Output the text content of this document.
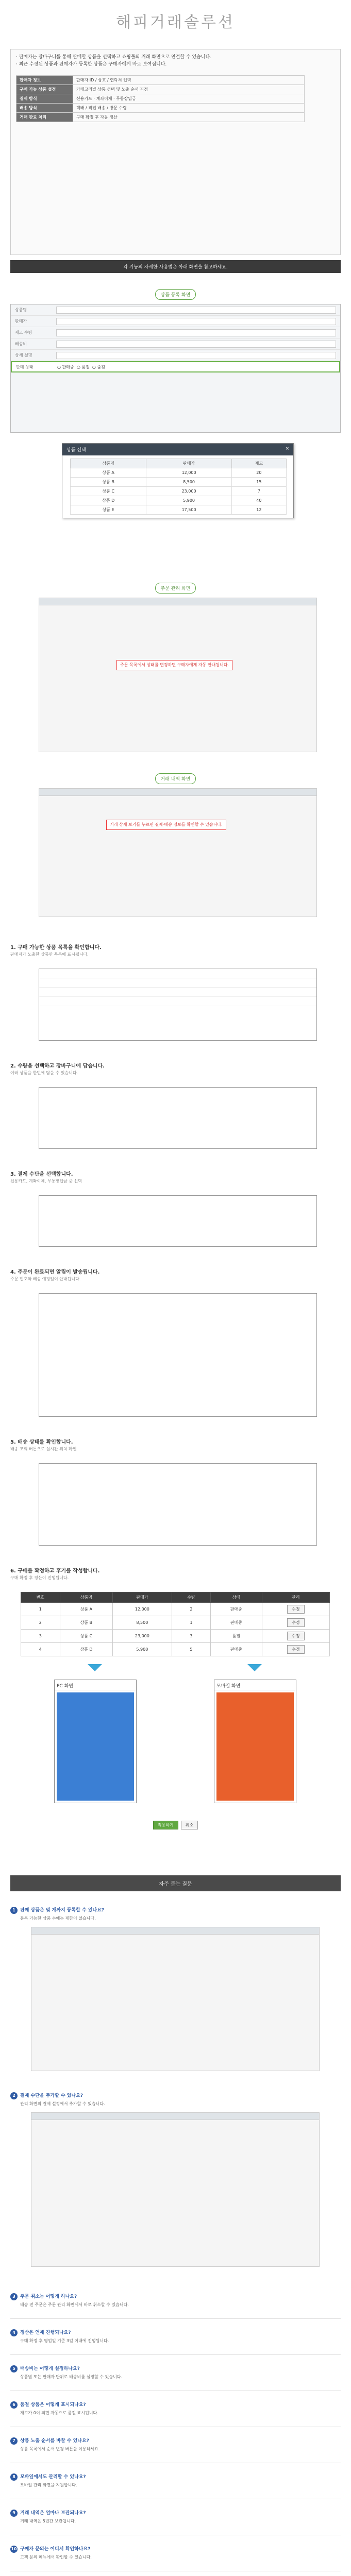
해피거래솔루션
· 판매자는 장바구니를 통해 판매할 상품을 선택하고 쇼핑몰의 거래 화면으로 연결할 수 있습니다.
· 최근 수정된 상품과 판매자가 등록한 상품은 구매자에게 바로 보여집니다.
판매자 정보	판매자 ID / 상호 / 연락처 입력
구매 가능 상품 설정	카테고리별 상품 선택 및 노출 순서 지정
결제 방식	신용카드 · 계좌이체 · 무통장입금
배송 방식	택배 / 직접 배송 / 방문 수령
거래 완료 처리	구매 확정 후 자동 정산
각 기능의 자세한 사용법은 아래 화면을 참고하세요.
상품 등록 화면
상품명
판매가
재고 수량
배송비
상세 설명
판매 상태	○ 판매중
○ 품절
○ 숨김
상품 선택	×
상품명	판매가	재고
상품 A	12,000	20
상품 B	8,500	15
상품 C	23,000	7
상품 D	5,900	40
상품 E	17,500	12
주문 관리 화면
주문 목록에서 상태를 변경하면 구매자에게 자동 안내됩니다.
거래 내역 화면
거래 상세 보기를 누르면 결제·배송 정보를 확인할 수 있습니다.
1. 구매 가능한 상품 목록을 확인합니다.
판매자가 노출한 상품만 목록에 표시됩니다.
2. 수량을 선택하고 장바구니에 담습니다.
여러 상품을 한번에 담을 수 있습니다.
3. 결제 수단을 선택합니다.
신용카드, 계좌이체, 무통장입금 중 선택
4. 주문이 완료되면 알림이 발송됩니다.
주문 번호와 배송 예정일이 안내됩니다.
5. 배송 상태를 확인합니다.
배송 조회 버튼으로 실시간 위치 확인
6. 구매를 확정하고 후기를 작성합니다.
구매 확정 후 정산이 진행됩니다.
번호	상품명	판매가	수량	상태	관리
1	상품 A	12,000	2	판매중	수정
2	상품 B	8,500	1	판매중	수정
3	상품 C	23,000	3	품절	수정
4	상품 D	5,900	5	판매중	수정
PC 화면	모바일 화면
적용하기	취소
자주 묻는 질문
1 판매 상품은 몇 개까지 등록할 수 있나요?
등록 가능한 상품 수에는 제한이 없습니다.
2 결제 수단을 추가할 수 있나요?
관리 화면의 결제 설정에서 추가할 수 있습니다.
3 주문 취소는 어떻게 하나요?
배송 전 주문은 주문 관리 화면에서 바로 취소할 수 있습니다.
4 정산은 언제 진행되나요?
구매 확정 후 영업일 기준 3일 이내에 진행됩니다.
5 배송비는 어떻게 설정하나요?
상품별 또는 판매자 단위로 배송비를 설정할 수 있습니다.
6 품절 상품은 어떻게 표시되나요?
재고가 0이 되면 자동으로 품절 표시됩니다.
7 상품 노출 순서를 바꿀 수 있나요?
상품 목록에서 순서 변경 버튼을 이용하세요.
8 모바일에서도 관리할 수 있나요?
모바일 관리 화면을 지원합니다.
9 거래 내역은 얼마나 보관되나요?
거래 내역은 5년간 보관됩니다.
10 구매자 문의는 어디서 확인하나요?
고객 문의 메뉴에서 확인할 수 있습니다.
